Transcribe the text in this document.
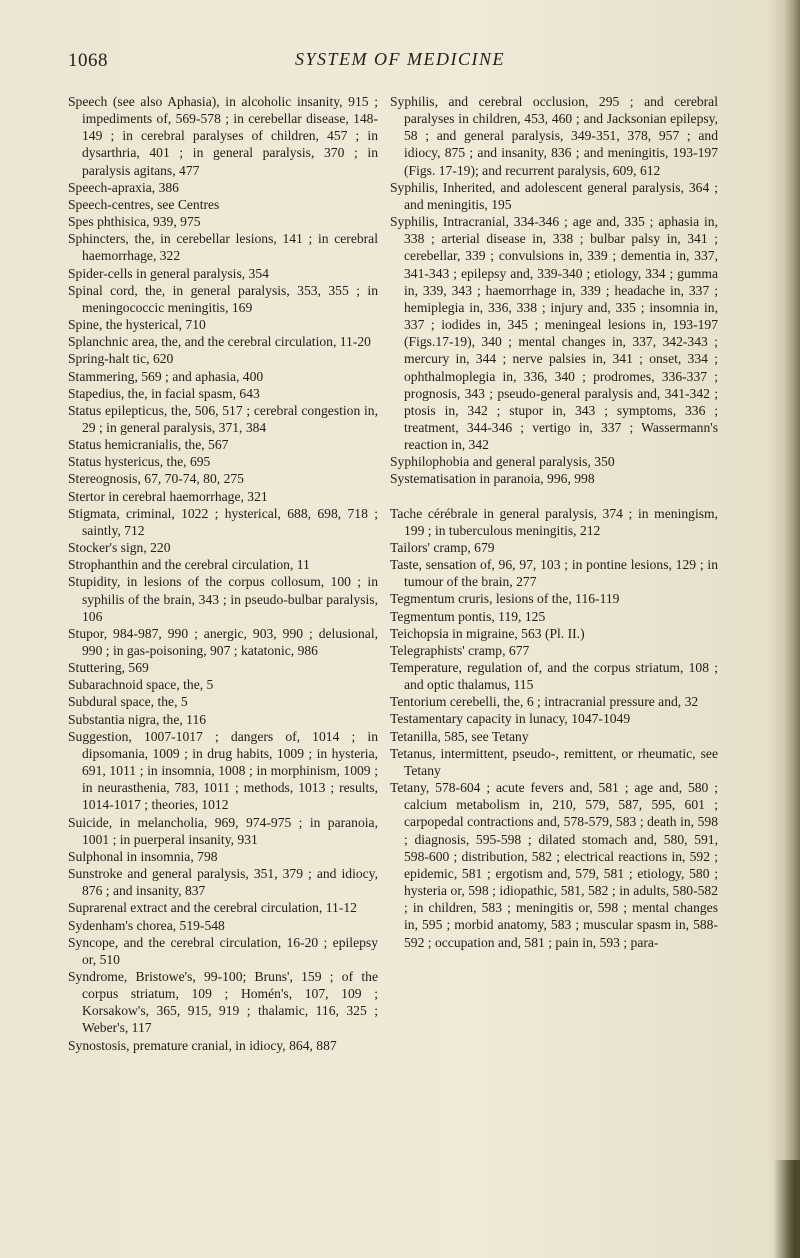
1068	SYSTEM OF MEDICINE
Speech (see also Aphasia), in alcoholic insanity, 915 ; impediments of, 569-578 ; in cerebellar disease, 148-149 ; in cerebral paralyses of children, 457 ; in dysarthria, 401 ; in general paralysis, 370 ; in paralysis agitans, 477
Speech-apraxia, 386
Speech-centres, see Centres
Spes phthisica, 939, 975
Sphincters, the, in cerebellar lesions, 141 ; in cerebral haemorrhage, 322
Spider-cells in general paralysis, 354
Spinal cord, the, in general paralysis, 353, 355 ; in meningococcic meningitis, 169
Spine, the hysterical, 710
Splanchnic area, the, and the cerebral circulation, 11-20
Spring-halt tic, 620
Stammering, 569 ; and aphasia, 400
Stapedius, the, in facial spasm, 643
Status epilepticus, the, 506, 517 ; cerebral congestion in, 29 ; in general paralysis, 371, 384
Status hemicranialis, the, 567
Status hystericus, the, 695
Stereognosis, 67, 70-74, 80, 275
Stertor in cerebral haemorrhage, 321
Stigmata, criminal, 1022 ; hysterical, 688, 698, 718 ; saintly, 712
Stocker's sign, 220
Strophanthin and the cerebral circulation, 11
Stupidity, in lesions of the corpus collosum, 100 ; in syphilis of the brain, 343 ; in pseudo-bulbar paralysis, 106
Stupor, 984-987, 990 ; anergic, 903, 990 ; delusional, 990 ; in gas-poisoning, 907 ; katatonic, 986
Stuttering, 569
Subarachnoid space, the, 5
Subdural space, the, 5
Substantia nigra, the, 116
Suggestion, 1007-1017 ; dangers of, 1014 ; in dipsomania, 1009 ; in drug habits, 1009 ; in hysteria, 691, 1011 ; in insomnia, 1008 ; in morphinism, 1009 ; in neurasthenia, 783, 1011 ; methods, 1013 ; results, 1014-1017 ; theories, 1012
Suicide, in melancholia, 969, 974-975 ; in paranoia, 1001 ; in puerperal insanity, 931
Sulphonal in insomnia, 798
Sunstroke and general paralysis, 351, 379 ; and idiocy, 876 ; and insanity, 837
Suprarenal extract and the cerebral circulation, 11-12
Sydenham's chorea, 519-548
Syncope, and the cerebral circulation, 16-20 ; epilepsy or, 510
Syndrome, Bristowe's, 99-100; Bruns', 159 ; of the corpus striatum, 109 ; Homén's, 107, 109 ; Korsakow's, 365, 915, 919 ; thalamic, 116, 325 ; Weber's, 117
Synostosis, premature cranial, in idiocy, 864, 887
Syphilis, and cerebral occlusion, 295 ; and cerebral paralyses in children, 453, 460 ; and Jacksonian epilepsy, 58 ; and general paralysis, 349-351, 378, 957 ; and idiocy, 875 ; and insanity, 836 ; and meningitis, 193-197 (Figs. 17-19); and recurrent paralysis, 609, 612
Syphilis, Inherited, and adolescent general paralysis, 364 ; and meningitis, 195
Syphilis, Intracranial, 334-346 ; age and, 335 ; aphasia in, 338 ; arterial disease in, 338 ; bulbar palsy in, 341 ; cerebellar, 339 ; convulsions in, 339 ; dementia in, 337, 341-343 ; epilepsy and, 339-340 ; etiology, 334 ; gumma in, 339, 343 ; haemorrhage in, 339 ; headache in, 337 ; hemiplegia in, 336, 338 ; injury and, 335 ; insomnia in, 337 ; iodides in, 345 ; meningeal lesions in, 193-197 (Figs.17-19), 340 ; mental changes in, 337, 342-343 ; mercury in, 344 ; nerve palsies in, 341 ; onset, 334 ; ophthalmoplegia in, 336, 340 ; prodromes, 336-337 ; prognosis, 343 ; pseudo-general paralysis and, 341-342 ; ptosis in, 342 ; stupor in, 343 ; symptoms, 336 ; treatment, 344-346 ; vertigo in, 337 ; Wassermann's reaction in, 342
Syphilophobia and general paralysis, 350
Systematisation in paranoia, 996, 998
Tache cérébrale in general paralysis, 374 ; in meningism, 199 ; in tuberculous meningitis, 212
Tailors' cramp, 679
Taste, sensation of, 96, 97, 103 ; in pontine lesions, 129 ; in tumour of the brain, 277
Tegmentum cruris, lesions of the, 116-119
Tegmentum pontis, 119, 125
Teichopsia in migraine, 563 (Pl. II.)
Telegraphists' cramp, 677
Temperature, regulation of, and the corpus striatum, 108 ; and optic thalamus, 115
Tentorium cerebelli, the, 6 ; intracranial pressure and, 32
Testamentary capacity in lunacy, 1047-1049
Tetanilla, 585, see Tetany
Tetanus, intermittent, pseudo-, remittent, or rheumatic, see Tetany
Tetany, 578-604 ; acute fevers and, 581 ; age and, 580 ; calcium metabolism in, 210, 579, 587, 595, 601 ; carpopedal contractions and, 578-579, 583 ; death in, 598 ; diagnosis, 595-598 ; dilated stomach and, 580, 591, 598-600 ; distribution, 582 ; electrical reactions in, 592 ; epidemic, 581 ; ergotism and, 579, 581 ; etiology, 580 ; hysteria or, 598 ; idiopathic, 581, 582 ; in adults, 580-582 ; in children, 583 ; meningitis or, 598 ; mental changes in, 595 ; morbid anatomy, 583 ; muscular spasm in, 588-592 ; occupation and, 581 ; pain in, 593 ; para-
